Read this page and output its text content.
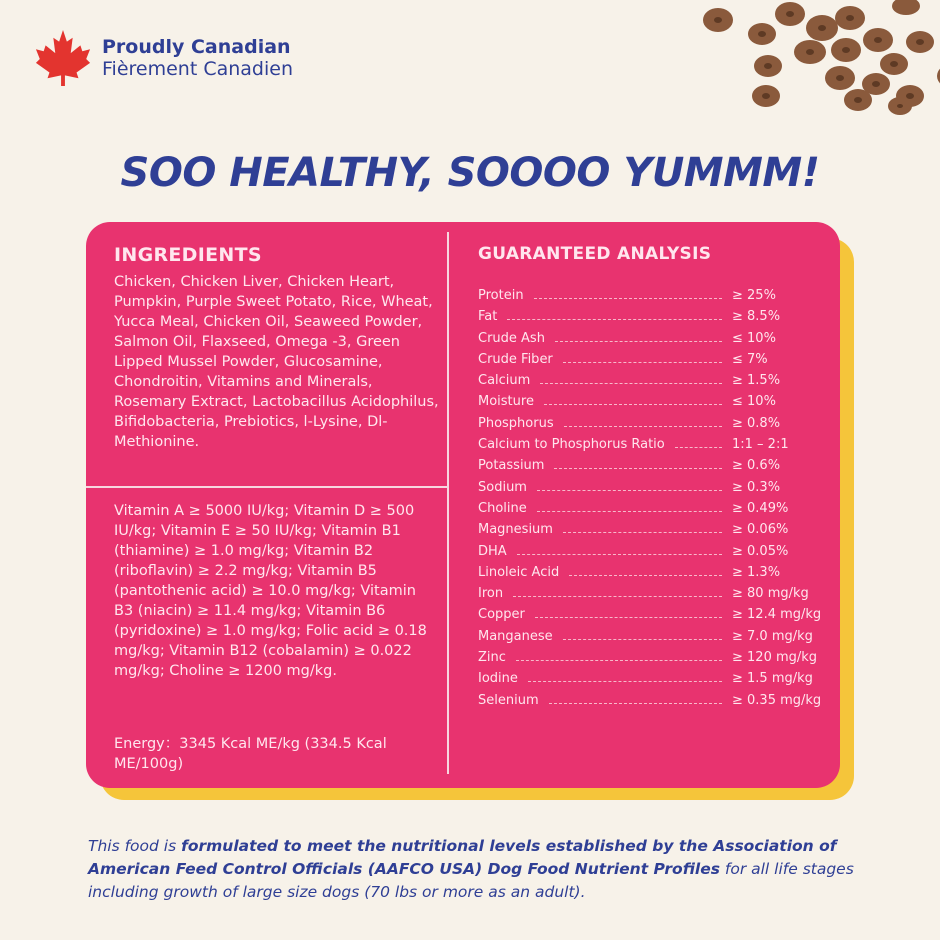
Proudly Canadian
Fièrement Canadien
SOO HEALTHY, SOOOO YUMMM!
INGREDIENTS
Chicken, Chicken Liver, Chicken Heart, Pumpkin, Purple Sweet Potato, Rice, Wheat, Yucca Meal, Chicken Oil, Seaweed Powder, Salmon Oil, Flaxseed, Omega -3, Green Lipped Mussel Powder, Glucosamine, Chondroitin, Vitamins and Minerals, Rosemary Extract, Lactobacillus Acidophilus, Bifidobacteria, Prebiotics, l-Lysine, Dl-Methionine.
Vitamin A ≥ 5000 IU/kg; Vitamin D ≥ 500 IU/kg; Vitamin E ≥ 50 IU/kg; Vitamin B1 (thiamine) ≥ 1.0 mg/kg; Vitamin B2 (riboflavin) ≥ 2.2 mg/kg; Vitamin B5 (pantothenic acid) ≥ 10.0 mg/kg; Vitamin B3 (niacin) ≥ 11.4 mg/kg; Vitamin B6 (pyridoxine) ≥ 1.0 mg/kg; Folic acid ≥ 0.18 mg/kg; Vitamin B12 (cobalamin) ≥ 0.022 mg/kg; Choline ≥ 1200 mg/kg.
Energy：3345 Kcal ME/kg (334.5 Kcal ME/100g)
GUARANTEED ANALYSIS
Protein	≥ 25%
Fat	≥ 8.5%
Crude Ash	≤ 10%
Crude Fiber	≤ 7%
Calcium	≥ 1.5%
Moisture	≤ 10%
Phosphorus	≥ 0.8%
Calcium to Phosphorus Ratio	1:1 – 2:1
Potassium	≥ 0.6%
Sodium	≥ 0.3%
Choline	≥ 0.49%
Magnesium	≥ 0.06%
DHA	≥ 0.05%
Linoleic Acid	≥ 1.3%
Iron	≥ 80 mg/kg
Copper	≥ 12.4 mg/kg
Manganese	≥ 7.0 mg/kg
Zinc	≥ 120 mg/kg
Iodine	≥ 1.5 mg/kg
Selenium	≥ 0.35 mg/kg

This food is formulated to meet the nutritional levels established by the Association of American Feed Control Officials (AAFCO USA) Dog Food Nutrient Profiles for all life stages including growth of large size dogs (70 lbs or more as an adult).
